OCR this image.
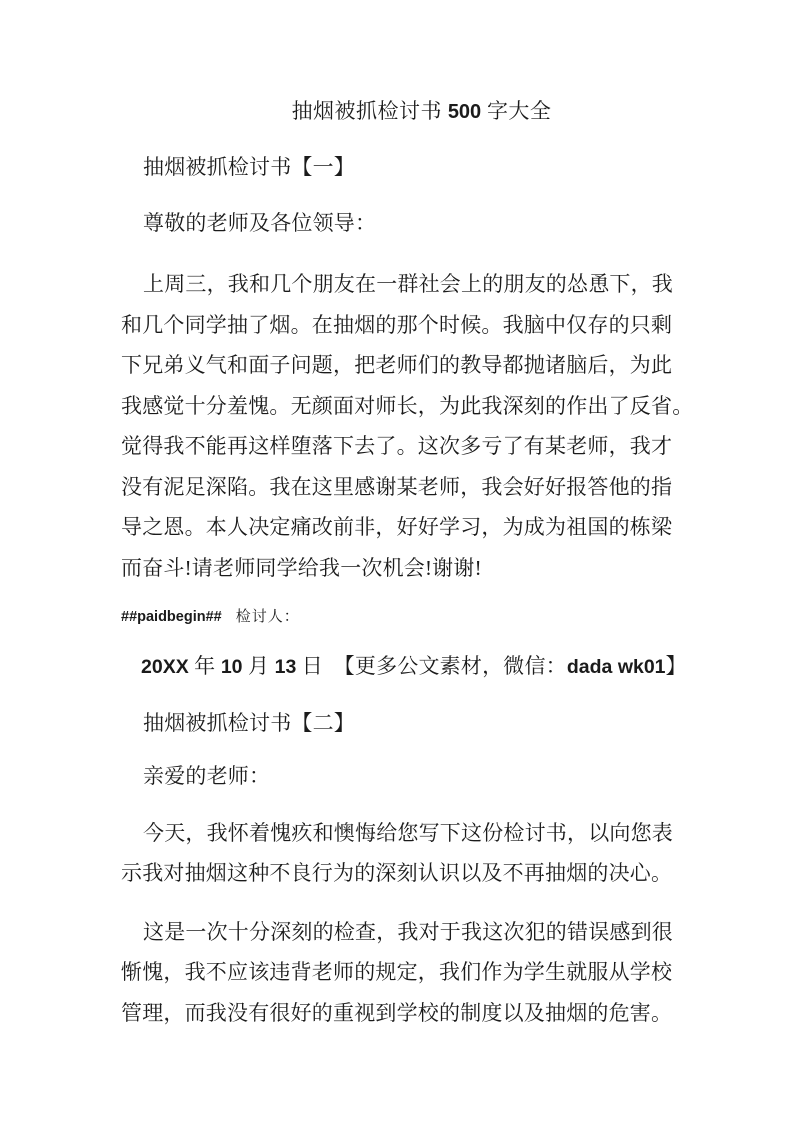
抽烟被抓检讨书 500 字大全
抽烟被抓检讨书【一】
尊敬的老师及各位领导：
上周三，我和几个朋友在一群社会上的朋友的怂恿下，我
和几个同学抽了烟。在抽烟的那个时候。我脑中仅存的只剩
下兄弟义气和面子问题，把老师们的教导都抛诸脑后，为此
我感觉十分羞愧。无颜面对师长，为此我深刻的作出了反省。
觉得我不能再这样堕落下去了。这次多亏了有某老师，我才
没有泥足深陷。我在这里感谢某老师，我会好好报答他的指
导之恩。本人决定痛改前非，好好学习，为成为祖国的栋梁
而奋斗!请老师同学给我一次机会!谢谢!
##paidbegin## 检讨人：
20XX 年 10 月 13 日　【更多公文素材，微信：dada wk01】
抽烟被抓检讨书【二】
亲爱的老师：
今天，我怀着愧疚和懊悔给您写下这份检讨书，以向您表
示我对抽烟这种不良行为的深刻认识以及不再抽烟的决心。
这是一次十分深刻的检查，我对于我这次犯的错误感到很
惭愧，我不应该违背老师的规定，我们作为学生就服从学校
管理，而我没有很好的重视到学校的制度以及抽烟的危害。
